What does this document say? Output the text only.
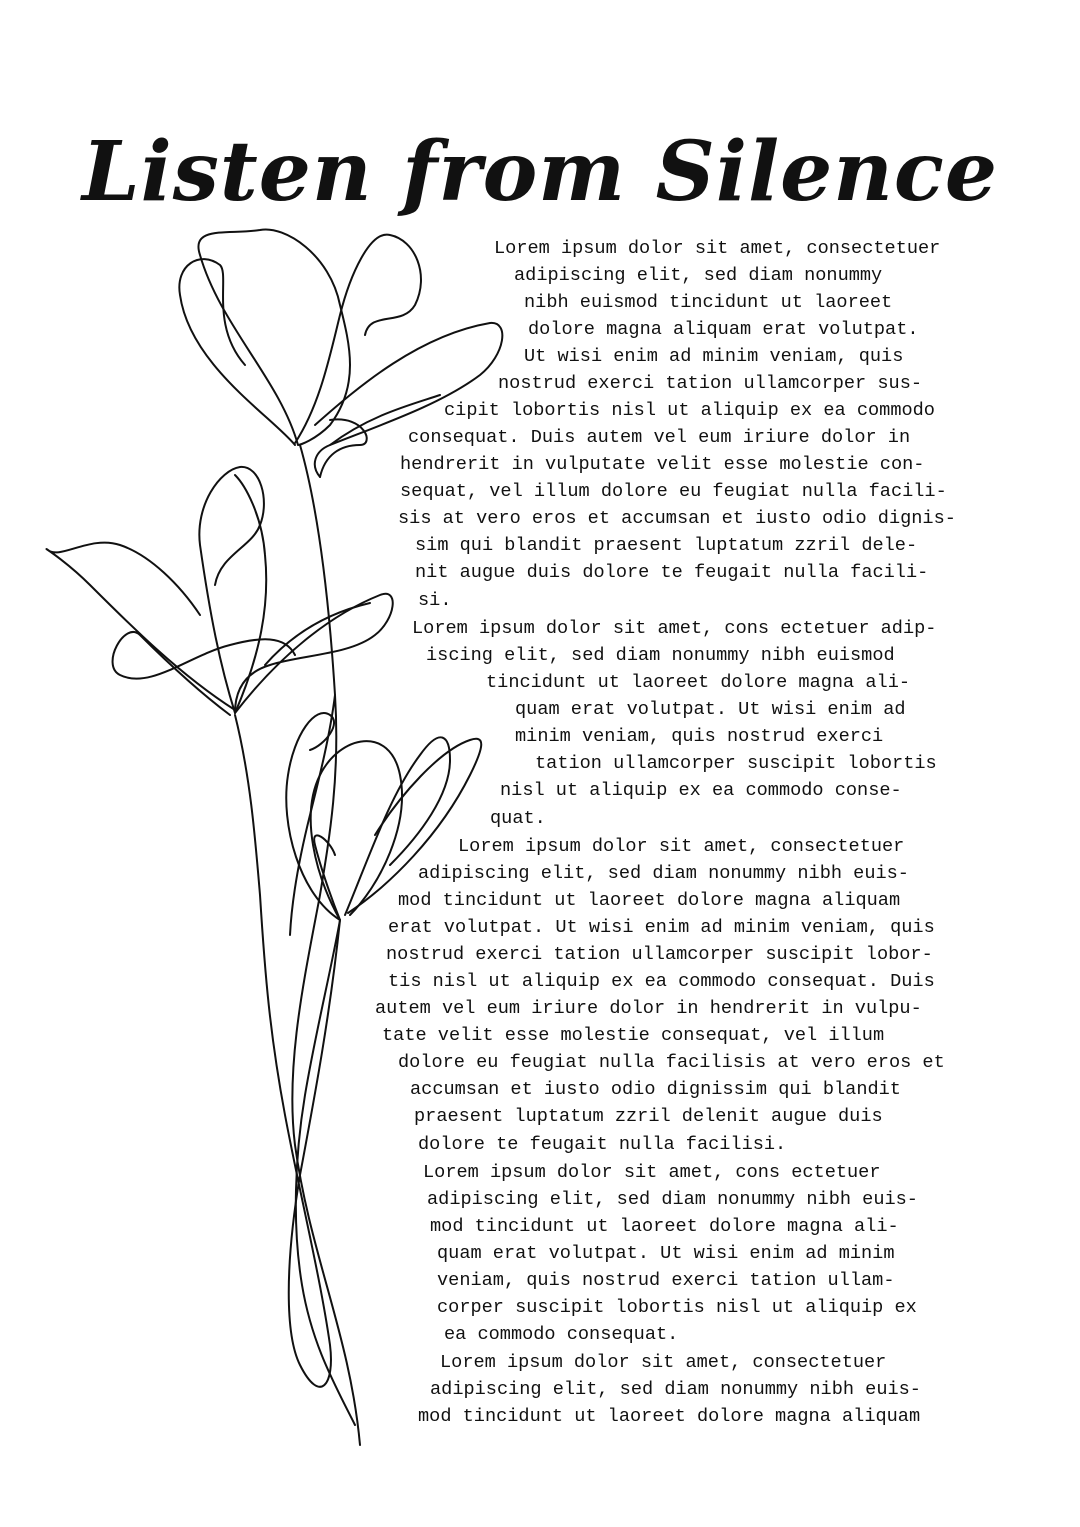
Listen from Silence
Lorem ipsum dolor sit amet, consectetuer
adipiscing elit, sed diam nonummy
nibh euismod tincidunt ut laoreet
dolore magna aliquam erat volutpat.
Ut wisi enim ad minim veniam, quis
nostrud exerci tation ullamcorper sus-
cipit lobortis nisl ut aliquip ex ea commodo
consequat. Duis autem vel eum iriure dolor in
hendrerit in vulputate velit esse molestie con-
sequat, vel illum dolore eu feugiat nulla facili-
sis at vero eros et accumsan et iusto odio dignis-
sim qui blandit praesent luptatum zzril dele-
nit augue duis dolore te feugait nulla facili-
si.
Lorem ipsum dolor sit amet, cons ectetuer adip-
iscing elit, sed diam nonummy nibh euismod
tincidunt ut laoreet dolore magna ali-
quam erat volutpat. Ut wisi enim ad
minim veniam, quis nostrud exerci
tation ullamcorper suscipit lobortis
nisl ut aliquip ex ea commodo conse-
quat.
Lorem ipsum dolor sit amet, consectetuer
adipiscing elit, sed diam nonummy nibh euis-
mod tincidunt ut laoreet dolore magna aliquam
erat volutpat. Ut wisi enim ad minim veniam, quis
nostrud exerci tation ullamcorper suscipit lobor-
tis nisl ut aliquip ex ea commodo consequat. Duis
autem vel eum iriure dolor in hendrerit in vulpu-
tate velit esse molestie consequat, vel illum
dolore eu feugiat nulla facilisis at vero eros et
accumsan et iusto odio dignissim qui blandit
praesent luptatum zzril delenit augue duis
dolore te feugait nulla facilisi.
Lorem ipsum dolor sit amet, cons ectetuer
adipiscing elit, sed diam nonummy nibh euis-
mod tincidunt ut laoreet dolore magna ali-
quam erat volutpat. Ut wisi enim ad minim
veniam, quis nostrud exerci tation ullam-
corper suscipit lobortis nisl ut aliquip ex
ea commodo consequat.
Lorem ipsum dolor sit amet, consectetuer
adipiscing elit, sed diam nonummy nibh euis-
mod tincidunt ut laoreet dolore magna aliquam
